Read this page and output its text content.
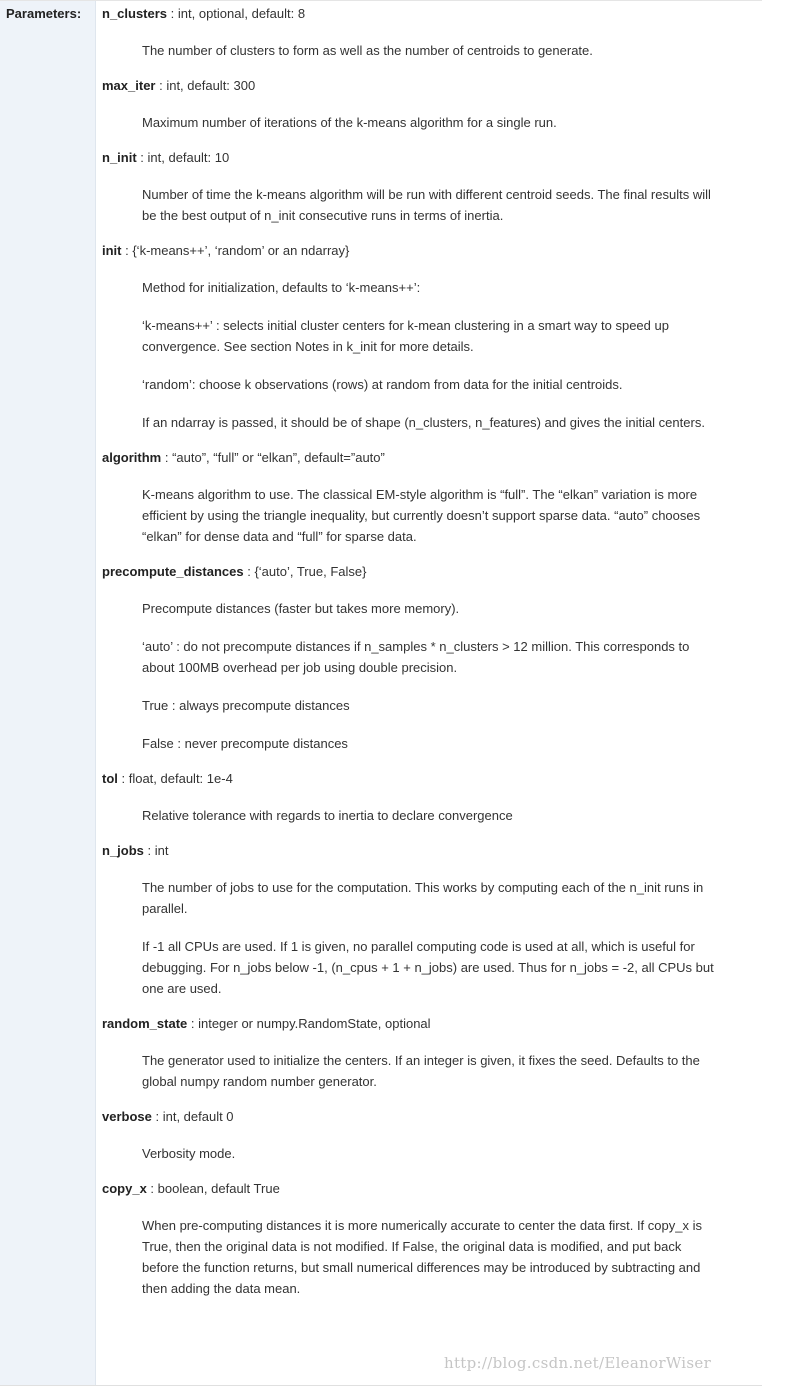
Parameters: n_clusters : int, optional, default: 8

The number of clusters to form as well as the number of centroids to generate.

max_iter : int, default: 300

Maximum number of iterations of the k-means algorithm for a single run.

n_init : int, default: 10

Number of time the k-means algorithm will be run with different centroid seeds. The final results will be the best output of n_init consecutive runs in terms of inertia.

init : {‘k-means++’, ‘random’ or an ndarray}

Method for initialization, defaults to ‘k-means++’:

‘k-means++’ : selects initial cluster centers for k-mean clustering in a smart way to speed up convergence. See section Notes in k_init for more details.

‘random’: choose k observations (rows) at random from data for the initial centroids.

If an ndarray is passed, it should be of shape (n_clusters, n_features) and gives the initial centers.

algorithm : “auto”, “full” or “elkan”, default=”auto”

K-means algorithm to use. The classical EM-style algorithm is “full”. The “elkan” variation is more efficient by using the triangle inequality, but currently doesn’t support sparse data. “auto” chooses “elkan” for dense data and “full” for sparse data.

precompute_distances : {‘auto’, True, False}

Precompute distances (faster but takes more memory).

‘auto’ : do not precompute distances if n_samples * n_clusters > 12 million. This corresponds to about 100MB overhead per job using double precision.

True : always precompute distances

False : never precompute distances

tol : float, default: 1e-4

Relative tolerance with regards to inertia to declare convergence

n_jobs : int

The number of jobs to use for the computation. This works by computing each of the n_init runs in parallel.

If -1 all CPUs are used. If 1 is given, no parallel computing code is used at all, which is useful for debugging. For n_jobs below -1, (n_cpus + 1 + n_jobs) are used. Thus for n_jobs = -2, all CPUs but one are used.

random_state : integer or numpy.RandomState, optional

The generator used to initialize the centers. If an integer is given, it fixes the seed. Defaults to the global numpy random number generator.

verbose : int, default 0

Verbosity mode.

copy_x : boolean, default True

When pre-computing distances it is more numerically accurate to center the data first. If copy_x is True, then the original data is not modified. If False, the original data is modified, and put back before the function returns, but small numerical differences may be introduced by subtracting and then adding the data mean.

http://blog.csdn.net/EleanorWiser
